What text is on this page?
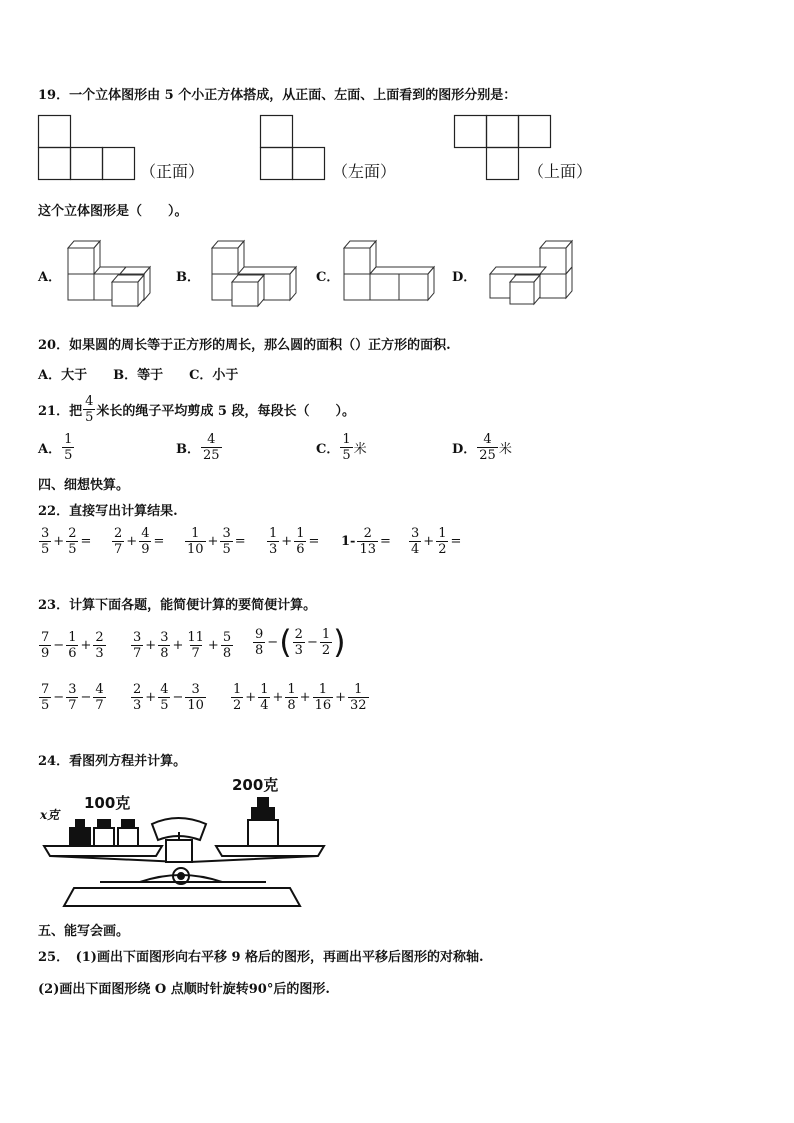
19．一个立体图形由 5 个小正方体搭成，从正面、左面、上面看到的图形分别是：
（正面）	（左面）	（上面）
这个立体图形是（　　）。
A．	B．	C．	D．
20．如果圆的周长等于正方形的周长，那么圆的面积（）正方形的面积.
A．大于　　B．等于　　C．小于
21．把 $\frac{4}{5}$ 米长的绳子平均剪成 5 段，每段长（　　）。
A． $\frac{1}{5}$	B． $\frac{4}{25}$	C． $\frac{1}{5}$ 米	D． $\frac{4}{25}$ 米
四、细想快算。
22．直接写出计算结果.
$\frac{3}{5} + \frac{2}{5} = \frac{2}{7} + \frac{4}{9} = \frac{1}{10} + \frac{3}{5} = \frac{1}{3} + \frac{1}{6} = 1- \frac{2}{13} = \frac{3}{4} + \frac{1}{2}$ =
23．计算下面各题，能简便计算的要简便计算。
$\frac{7}{9} - \frac{1}{6} + \frac{2}{3} \frac{3}{7} + \frac{3}{8} + \frac{11}{7} + \frac{5}{8} \frac{9}{8}$ − ( $\frac{2}{3} - \frac{1}{2}$ )
$\frac{7}{5} - \frac{3}{7} - \frac{4}{7} \frac{2}{3} + \frac{4}{5} - \frac{3}{10} \frac{1}{2} + \frac{1}{4} + \frac{1}{8} + \frac{1}{16} + \frac{1}{32}$
24．看图列方程并计算。
x克
100克
200克
五、能写会画。
25．　(1)画出下面图形向右平移 9 格后的图形，再画出平移后图形的对称轴.
(2)画出下面图形绕 O 点顺时针旋转90°后的图形.
